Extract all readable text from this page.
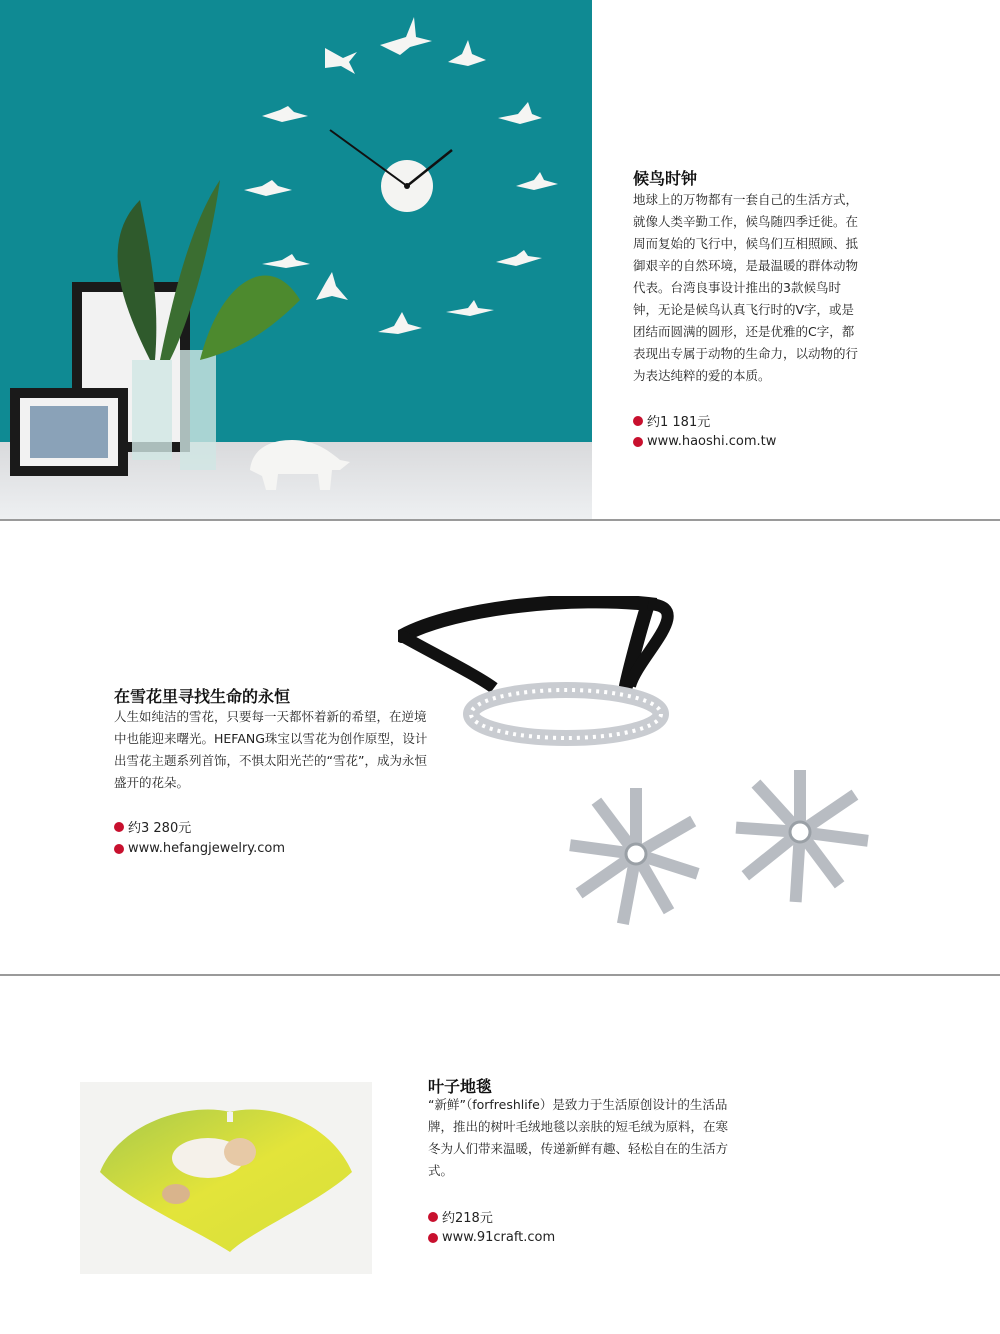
候鸟时钟
地球上的万物都有一套自己的生活方式，就像人类辛勤工作，候鸟随四季迁徙。在周而复始的飞行中，候鸟们互相照顾、抵御艰辛的自然环境，是最温暖的群体动物代表。台湾良事设计推出的3款候鸟时钟，无论是候鸟认真飞行时的V字，或是团结而圆满的圆形，还是优雅的C字，都表现出专属于动物的生命力，以动物的行为表达纯粹的爱的本质。
约1 181元
www.haoshi.com.tw
在雪花里寻找生命的永恒
人生如纯洁的雪花，只要每一天都怀着新的希望，在逆境中也能迎来曙光。HEFANG珠宝以雪花为创作原型，设计出雪花主题系列首饰，不惧太阳光芒的“雪花”，成为永恒盛开的花朵。
约3 280元
www.hefangjewelry.com
叶子地毯
“新鲜”（forfreshlife）是致力于生活原创设计的生活品牌，推出的树叶毛绒地毯以亲肤的短毛绒为原料，在寒冬为人们带来温暖，传递新鲜有趣、轻松自在的生活方式。
约218元
www.91craft.com
